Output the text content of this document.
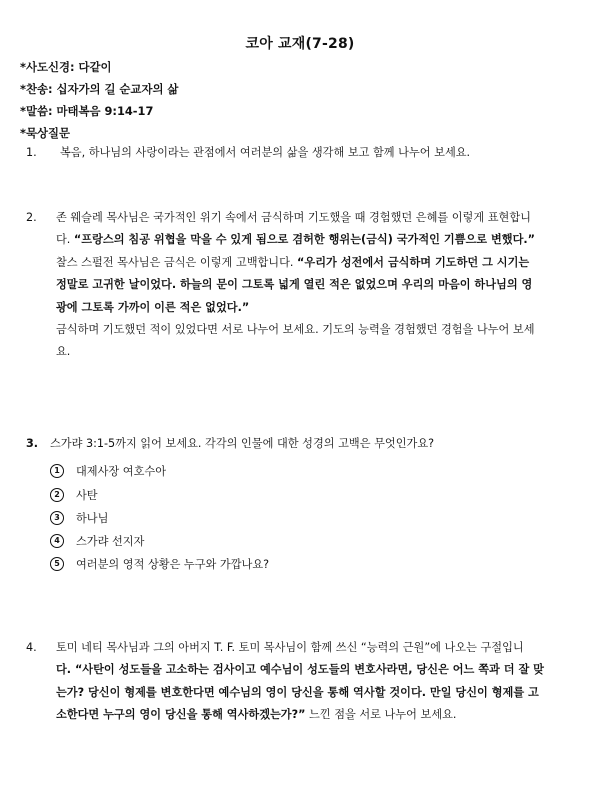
코아 교재(7-28)
*사도신경: 다같이
*찬송: 십자가의 길 순교자의 삶
*말씀: 마태복음 9:14-17
*묵상질문
1.	복음, 하나님의 사랑이라는 관점에서 여러분의 삶을 생각해 보고 함께 나누어 보세요.
2.	존 웨슬레 목사님은 국가적인 위기 속에서 금식하며 기도했을 때 경험했던 은혜를 이렇게 표현합니
다. “프랑스의 침공 위협을 막을 수 있게 됨으로 겸허한 행위는(금식) 국가적인 기쁨으로 변했다.”
찰스 스펄전 목사님은 금식은 이렇게 고백합니다. “우리가 성전에서 금식하며 기도하던 그 시기는
정말로 고귀한 날이었다. 하늘의 문이 그토록 넓게 열린 적은 없었으며 우리의 마음이 하나님의 영
광에 그토록 가까이 이른 적은 없었다.”
금식하며 기도했던 적이 있었다면 서로 나누어 보세요. 기도의 능력을 경험했던 경험을 나누어 보세
요.
3.	스가랴 3:1-5까지 읽어 보세요. 각각의 인물에 대한 성경의 고백은 무엇인가요?
1	대제사장 여호수아
2	사탄
3	하나님
4	스가랴 선지자
5	여러분의 영적 상황은 누구와 가깝나요?
4.	토미 네티 목사님과 그의 아버지 T. F. 토미 목사님이 함께 쓰신 “능력의 근원”에 나오는 구절입니
다. “사탄이 성도들을 고소하는 검사이고 예수님이 성도들의 변호사라면, 당신은 어느 쪽과 더 잘 맞
는가? 당신이 형제를 변호한다면 예수님의 영이 당신을 통해 역사할 것이다. 만일 당신이 형제를 고
소한다면 누구의 영이 당신을 통해 역사하겠는가?” 느낀 점을 서로 나누어 보세요.
